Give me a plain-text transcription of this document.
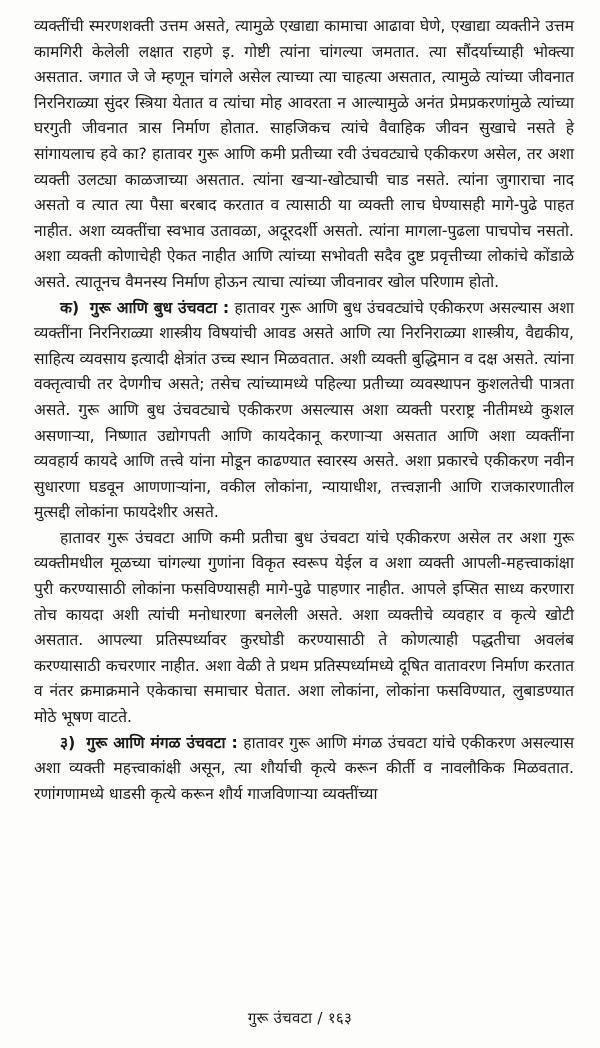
व्यक्तींची स्मरणशक्ती उत्तम असते, त्यामुळे एखाद्या कामाचा आढावा घेणे, एखाद्या व्यक्तीने उत्तम कामगिरी केलेली लक्षात राहणे इ. गोष्टी त्यांना चांगल्या जमतात. त्या सौंदर्याच्याही भोक्त्या असतात. जगात जे जे म्हणून चांगले असेल त्याच्या त्या चाहत्या असतात, त्यामुळे त्यांच्या जीवनात निरनिराळ्या सुंदर स्त्रिया येतात व त्यांचा मोह आवरता न आल्यामुळे अनंत प्रेमप्रकरणांमुळे त्यांच्या घरगुती जीवनात त्रास निर्माण होतात. साहजिकच त्यांचे वैवाहिक जीवन सुखाचे नसते हे सांगायलाच हवे का? हातावर गुरू आणि कमी प्रतीच्या रवी उंचवट्याचे एकीकरण असेल, तर अशा व्यक्ती उलट्या काळजाच्या असतात. त्यांना खऱ्या-खोट्याची चाड नसते. त्यांना जुगाराचा नाद असतो व त्यात त्या पैसा बरबाद करतात व त्यासाठी या व्यक्ती लाच घेण्यासही मागे-पुढे पाहत नाहीत. अशा व्यक्तींचा स्वभाव उतावळा, अदूरदर्शी असतो. त्यांना मागला-पुढला पाचपोच नसतो. अशा व्यक्ती कोणाचेही ऐकत नाहीत आणि त्यांच्या सभोवती सदैव दुष्ट प्रवृत्तीच्या लोकांचे कोंडाळे असते. त्यातूनच वैमनस्य निर्माण होऊन त्याचा त्यांच्या जीवनावर खोल परिणाम होतो.

क) गुरू आणि बुध उंचवटा : हातावर गुरू आणि बुध उंचवट्यांचे एकीकरण असल्यास अशा व्यक्तींना निरनिराळ्या शास्त्रीय विषयांची आवड असते आणि त्या निरनिराळ्या शास्त्रीय, वैद्यकीय, साहित्य व्यवसाय इत्यादी क्षेत्रांत उच्च स्थान मिळवतात. अशी व्यक्ती बुद्धिमान व दक्ष असते. त्यांना वक्तृत्वाची तर देणगीच असते; तसेच त्यांच्यामध्ये पहिल्या प्रतीच्या व्यवस्थापन कुशलतेची पात्रता असते. गुरू आणि बुध उंचवट्याचे एकीकरण असल्यास अशा व्यक्ती परराष्ट्र नीतीमध्ये कुशल असणाऱ्या, निष्णात उद्योगपती आणि कायदेकानू करणाऱ्या असतात आणि अशा व्यक्तींना व्यवहार्य कायदे आणि तत्त्वे यांना मोडून काढण्यात स्वारस्य असते. अशा प्रकारचे एकीकरण नवीन सुधारणा घडवून आणणाऱ्यांना, वकील लोकांना, न्यायाधीश, तत्त्वज्ञानी आणि राजकारणातील मुत्सद्दी लोकांना फायदेशीर असते.

हातावर गुरू उंचवटा आणि कमी प्रतीचा बुध उंचवटा यांचे एकीकरण असेल तर अशा गुरू व्यक्तीमधील मूळच्या चांगल्या गुणांना विकृत स्वरूप येईल व अशा व्यक्ती आपली-महत्त्वाकांक्षा पुरी करण्यासाठी लोकांना फसविण्यासही मागे-पुढे पाहणार नाहीत. आपले इप्सित साध्य करणारा तोच कायदा अशी त्यांची मनोधारणा बनलेली असते. अशा व्यक्तीचे व्यवहार व कृत्ये खोटी असतात. आपल्या प्रतिस्पर्ध्यावर कुरघोडी करण्यासाठी ते कोणत्याही पद्धतीचा अवलंब करण्यासाठी कचरणार नाहीत. अशा वेळी ते प्रथम प्रतिस्पर्ध्यामध्ये दूषित वातावरण निर्माण करतात व नंतर क्रमाक्रमाने एकेकाचा समाचार घेतात. अशा लोकांना, लोकांना फसविण्यात, लुबाडण्यात मोठे भूषण वाटते.

३) गुरू आणि मंगळ उंचवटा : हातावर गुरू आणि मंगळ उंचवटा यांचे एकीकरण असल्यास अशा व्यक्ती महत्त्वाकांक्षी असून, त्या शौर्याची कृत्ये करून कीर्ती व नावलौकिक मिळवतात. रणांगणामध्ये धाडसी कृत्ये करून शौर्य गाजविणाऱ्या व्यक्तींच्या

गुरू उंचवटा / १६३
